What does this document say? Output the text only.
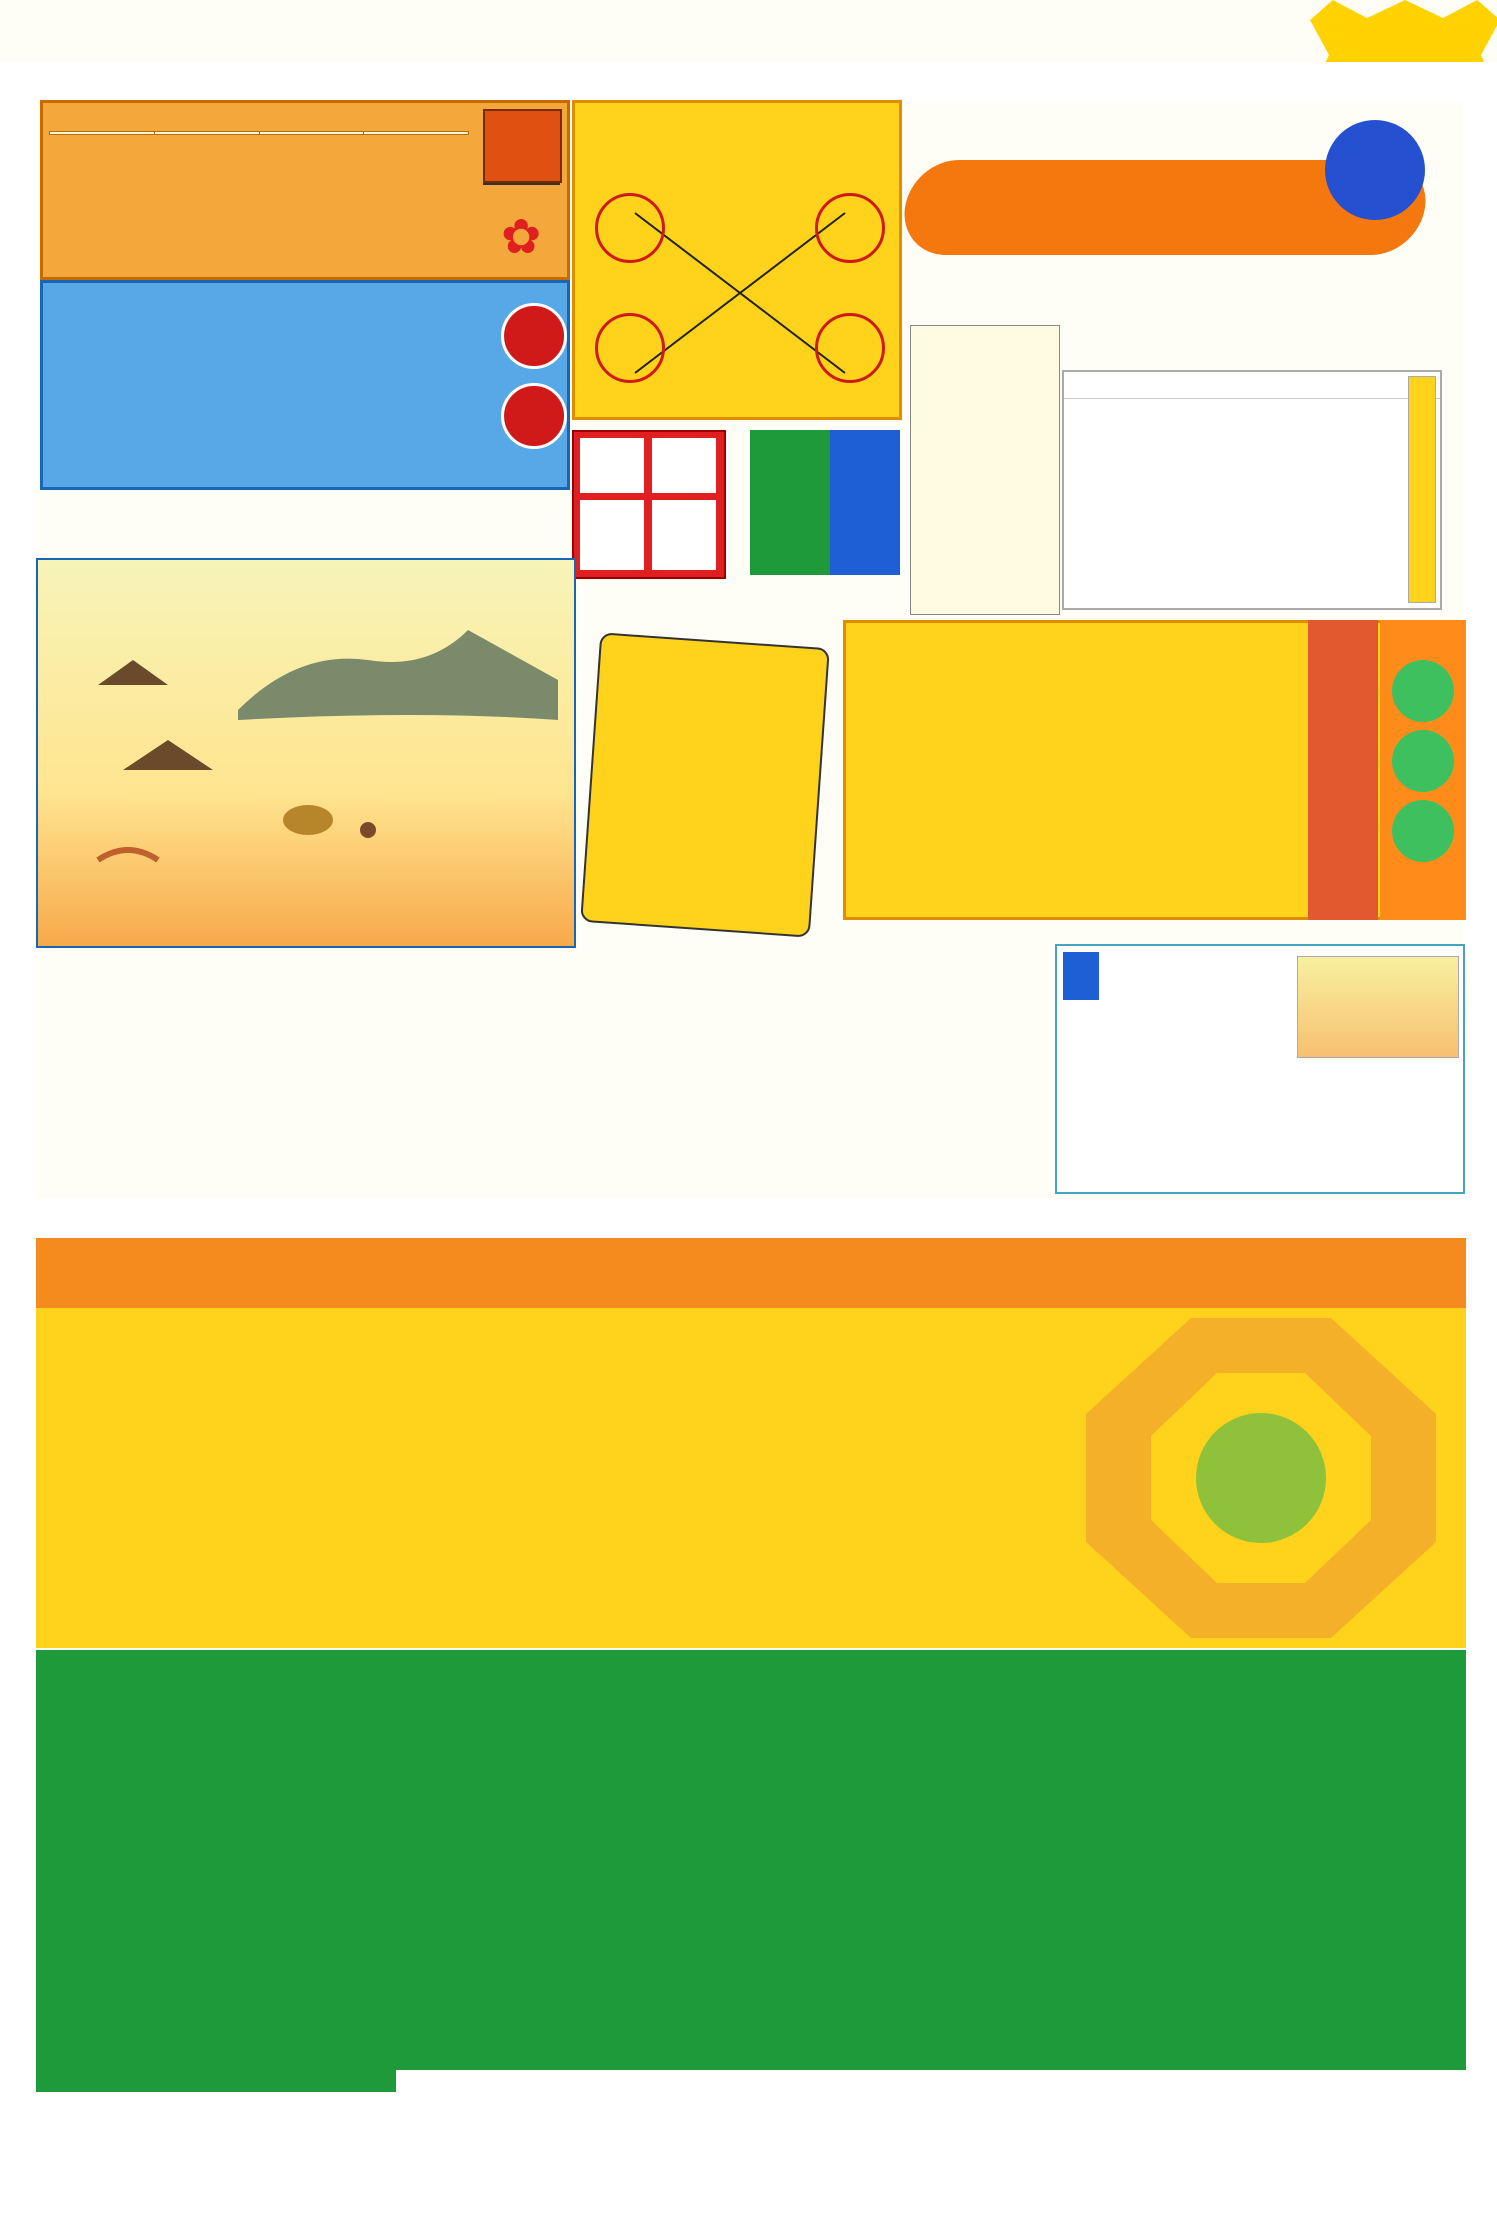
✿
